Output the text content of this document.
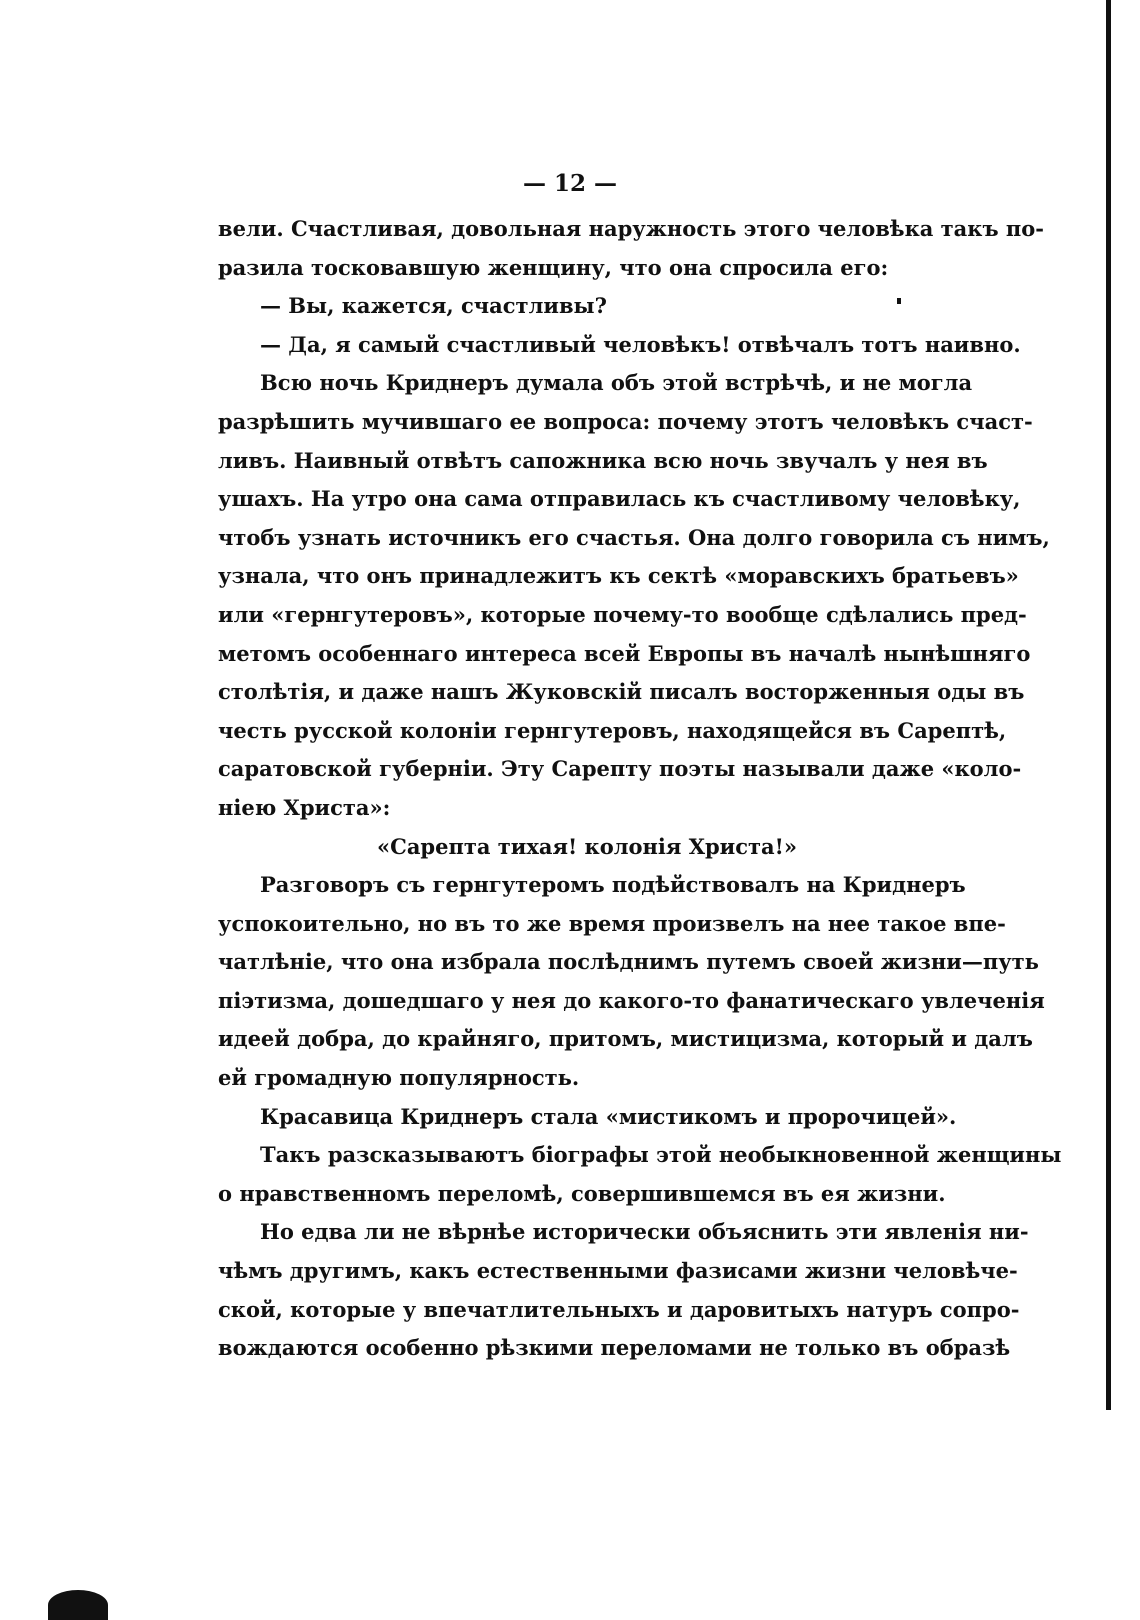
— 12 —
вели. Счастливая, довольная наружность этого человѣка такъ по-
разила тосковавшую женщину, что она спросила его:
— Вы, кажется, счастливы?
— Да, я самый счастливый человѣкъ! отвѣчалъ тотъ наивно.
Всю ночь Криднеръ думала объ этой встрѣчѣ, и не могла
разрѣшить мучившаго ее вопроса: почему этотъ человѣкъ счаст-
ливъ. Наивный отвѣтъ сапожника всю ночь звучалъ у нея въ
ушахъ. На утро она сама отправилась къ счастливому человѣку,
чтобъ узнать источникъ его счастья. Она долго говорила съ нимъ,
узнала, что онъ принадлежитъ къ сектѣ «моравскихъ братьевъ»
или «гернгутеровъ», которые почему-то вообще сдѣлались пред-
метомъ особеннаго интереса всей Европы въ началѣ нынѣшняго
столѣтія, и даже нашъ Жуковскій писалъ восторженныя оды въ
честь русской колоніи гернгутеровъ, находящейся въ Сарептѣ,
саратовской губерніи. Эту Сарепту поэты называли даже «коло-
ніею Христа»:
«Сарепта тихая! колонія Христа!»
Разговоръ съ гернгутеромъ подѣйствовалъ на Криднеръ
успокоительно, но въ то же время произвелъ на нее такое впе-
чатлѣніе, что она избрала послѣднимъ путемъ своей жизни—путь
піэтизма, дошедшаго у нея до какого-то фанатическаго увлеченія
идеей добра, до крайняго, притомъ, мистицизма, который и далъ
ей громадную популярность.
Красавица Криднеръ стала «мистикомъ и пророчицей».
Такъ разсказываютъ біографы этой необыкновенной женщины
о нравственномъ переломѣ, совершившемся въ ея жизни.
Но едва ли не вѣрнѣе исторически объяснить эти явленія ни-
чѣмъ другимъ, какъ естественными фазисами жизни человѣче-
ской, которые у впечатлительныхъ и даровитыхъ натуръ сопро-
вождаются особенно рѣзкими переломами не только въ образѣ
